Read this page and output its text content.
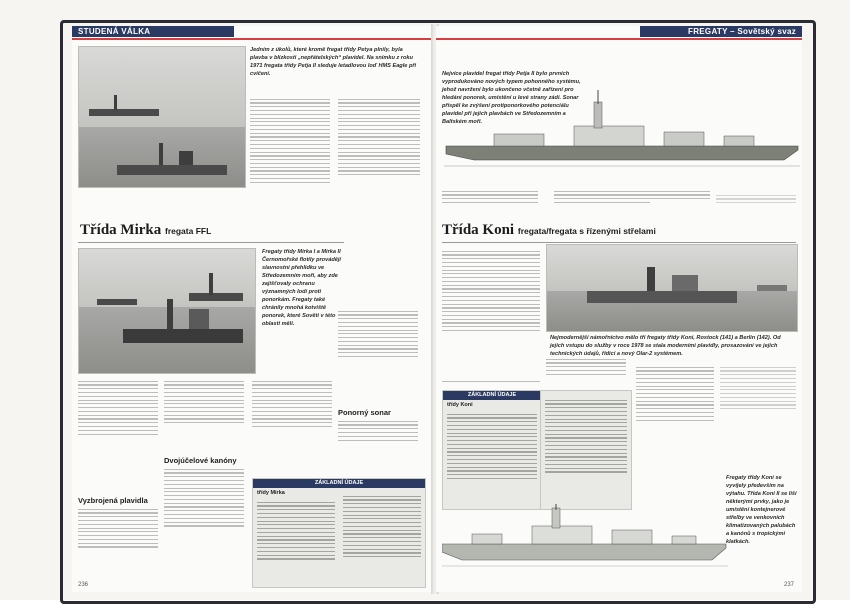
STUDENÁ VÁLKA
Jedním z úkolů, které kromě fregat třídy Petya plnily, byla plavba v blízkosti „nepřátelských“ plavidel. Na snímku z roku 1971 fregata třídy Petja II sleduje letadlovou loď HMS Eagle při cvičení.
Třída Mirka fregata FFL
Fregaty třídy Mirka I a Mirka II Černomořské flotily provádějí slavnostní přehlídku ve Středozemním moři, aby zde zajišťovaly ochranu významných lodí proti ponorkám. Fregaty také chránily mnohá kotviště ponorek, které Sověti v této oblasti měli.
Ponorný sonar
Vyzbrojená plavidla
Dvojúčelové kanóny
ZÁKLADNÍ ÚDAJE
třídy Mirka
236
FREGATY – Sovětský svaz
Nejvíce plavidel fregat třídy Petja II bylo prvních vyprodukováno nových typem pohonného systému, jehož navržení bylo ukončeno včetně zařízení pro hledání ponorek, umístění u levé strany zádi. Sonar přispěl ke zvýšení protiponorkového potenciálu plavidel při jejich plavbách ve Středozemním a Baltském moři.
Třída Koni fregata/fregata s řízenými střelami
Nejmodernější námořnictvo mělo tři fregaty třídy Koni, Rostock (141) a Berlin (142). Od jejich vstupu do služby v roce 1978 se stala moderními plavidly, prosazování ve jejich technických údajů, řídicí a nový Olar-2 systémem.
ZÁKLADNÍ ÚDAJE
třídy Koni
Fregaty třídy Koni se vyvíjely především na výtahu. Třída Koni II se liší některými prvky, jako je umístění kontejnerové střelby ve venkovních klimatizovaných palubách a kanónů s tropickými klatkách.
237
